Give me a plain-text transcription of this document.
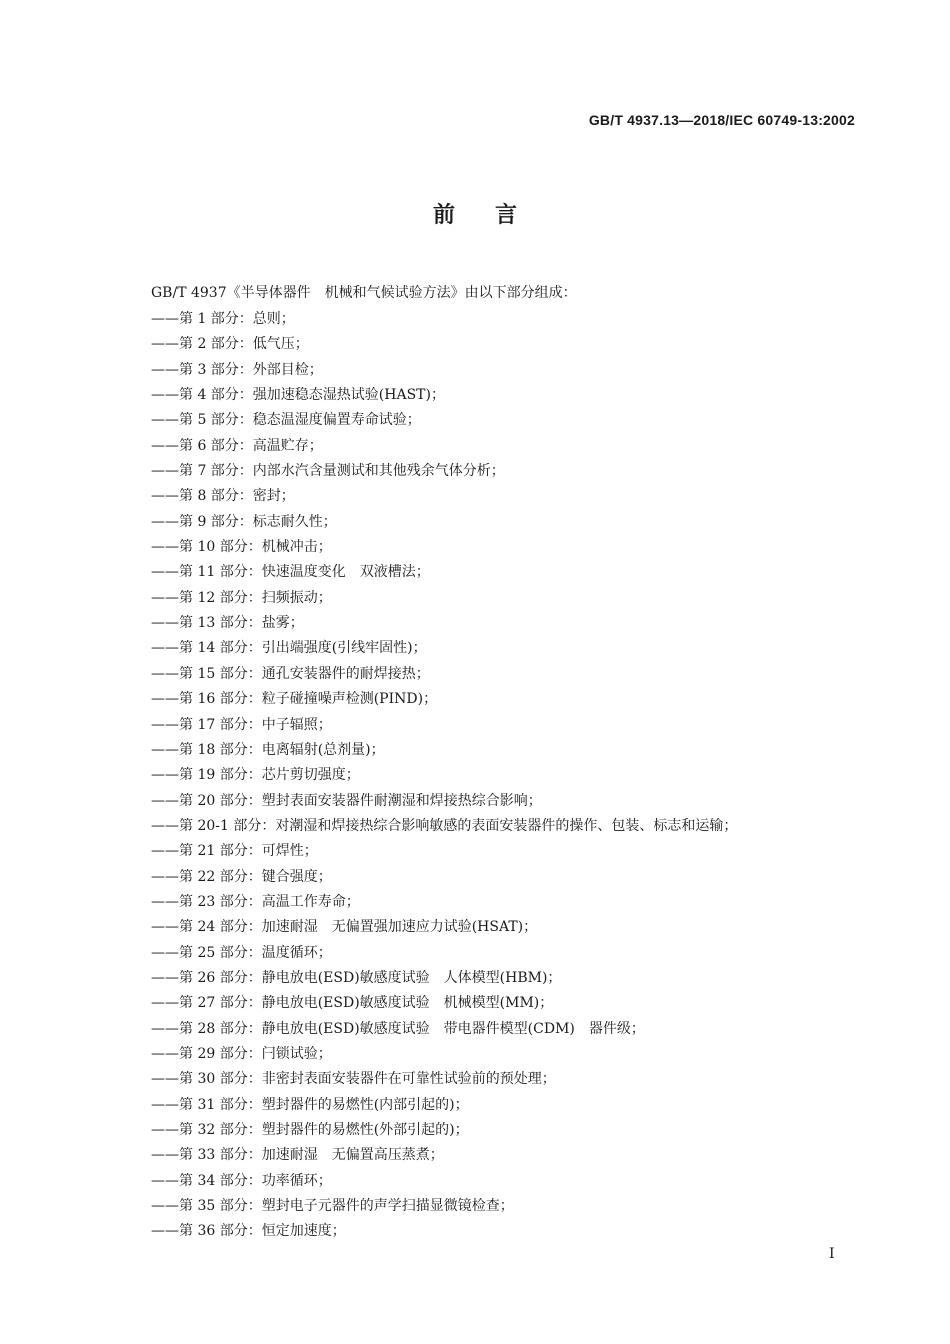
GB/T 4937.13—2018/IEC 60749-13:2002
前言
GB/T 4937《半导体器件　机械和气候试验方法》由以下部分组成：
——第 1 部分：总则；
——第 2 部分：低气压；
——第 3 部分：外部目检；
——第 4 部分：强加速稳态湿热试验(HAST)；
——第 5 部分：稳态温湿度偏置寿命试验；
——第 6 部分：高温贮存；
——第 7 部分：内部水汽含量测试和其他残余气体分析；
——第 8 部分：密封；
——第 9 部分：标志耐久性；
——第 10 部分：机械冲击；
——第 11 部分：快速温度变化　双液槽法；
——第 12 部分：扫频振动；
——第 13 部分：盐雾；
——第 14 部分：引出端强度(引线牢固性)；
——第 15 部分：通孔安装器件的耐焊接热；
——第 16 部分：粒子碰撞噪声检测(PIND)；
——第 17 部分：中子辐照；
——第 18 部分：电离辐射(总剂量)；
——第 19 部分：芯片剪切强度；
——第 20 部分：塑封表面安装器件耐潮湿和焊接热综合影响；
——第 20-1 部分：对潮湿和焊接热综合影响敏感的表面安装器件的操作、包装、标志和运输；
——第 21 部分：可焊性；
——第 22 部分：键合强度；
——第 23 部分：高温工作寿命；
——第 24 部分：加速耐湿　无偏置强加速应力试验(HSAT)；
——第 25 部分：温度循环；
——第 26 部分：静电放电(ESD)敏感度试验　人体模型(HBM)；
——第 27 部分：静电放电(ESD)敏感度试验　机械模型(MM)；
——第 28 部分：静电放电(ESD)敏感度试验　带电器件模型(CDM)　器件级；
——第 29 部分：闩锁试验；
——第 30 部分：非密封表面安装器件在可靠性试验前的预处理；
——第 31 部分：塑封器件的易燃性(内部引起的)；
——第 32 部分：塑封器件的易燃性(外部引起的)；
——第 33 部分：加速耐湿　无偏置高压蒸煮；
——第 34 部分：功率循环；
——第 35 部分：塑封电子元器件的声学扫描显微镜检查；
——第 36 部分：恒定加速度；
I
